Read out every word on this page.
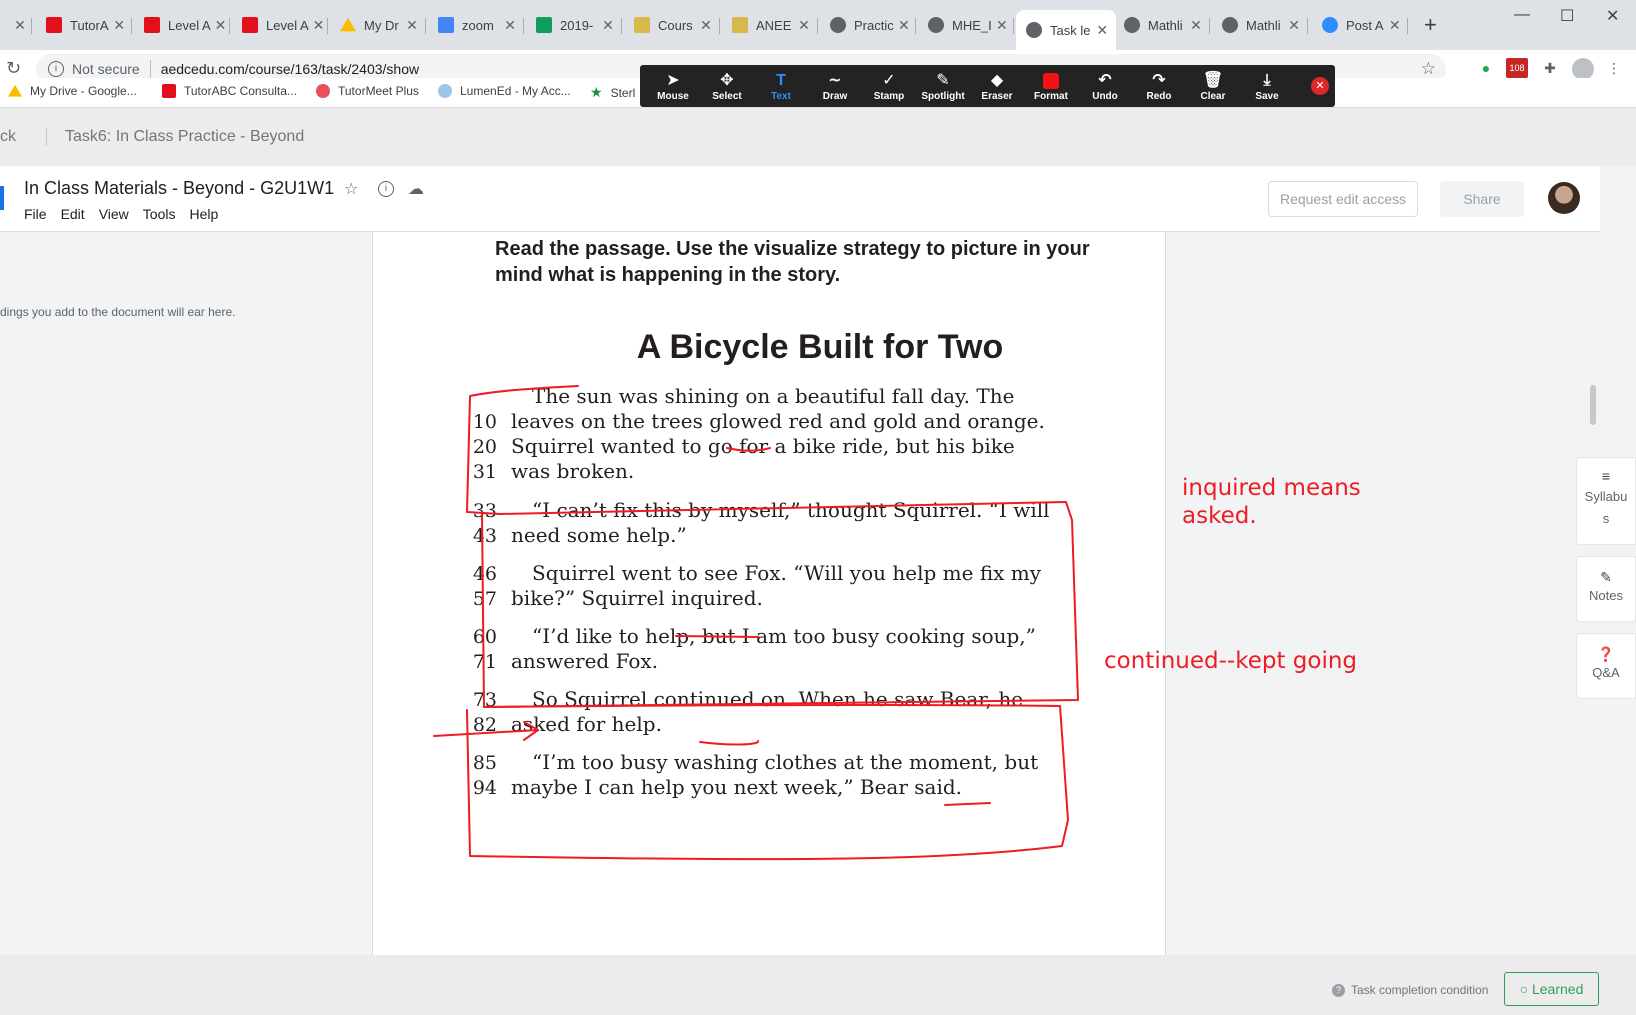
✕	TutorA ✕	Level A ✕	Level A ✕	My Dr ✕	zoom ✕	2019- ✕	Cours ✕	ANEE ✕	Practic ✕	MHE_I ✕	Task le ✕	Mathli ✕	Mathli ✕	Post A ✕ +	— ☐ ✕
↻	i	Not secure aedcedu.com/course/163/task/2403/show	☆	●	108 ✚	⋮
My Drive - Google...	TutorABC Consulta...	TutorMeet Plus	LumenEd - My Acc... ★ Sterl
➤
Mouse
✥
Select
T
Text
∼
Draw
✓
Stamp
✎
Spotlight
◆
Eraser Format
↶
Undo
↷
Redo
🗑
Clear
⤓
Save
✕
ck	Task6: In Class Practice - Beyond
In Class Materials - Beyond - G2U1W1 ☆	i	☁
File Edit View Tools Help
Request edit access	Share
dings you add to the document will ear here.
Read the passage. Use the visualize strategy to picture in your mind what is happening in the story.
A Bicycle Built for Two
The sun was shining on a beautiful fall day. The
10 leaves on the trees glowed red and gold and orange.
20 Squirrel wanted to go for a bike ride, but his bike
31 was broken.
33 “I can’t fix this by myself,” thought Squirrel. “I will
43 need some help.”
46 Squirrel went to see Fox. “Will you help me fix my
57 bike?” Squirrel inquired.
60 “I’d like to help, but I am too busy cooking soup,”
71 answered Fox.
73 So Squirrel continued on. When he saw Bear, he
82 asked for help.
85 “I’m too busy washing clothes at the moment, but
94 maybe I can help you next week,” Bear said.
≡
Syllabus
✎
Notes
❓
Q&A
inquired means
asked.
continued--kept going
? Task completion condition	○ Learned
